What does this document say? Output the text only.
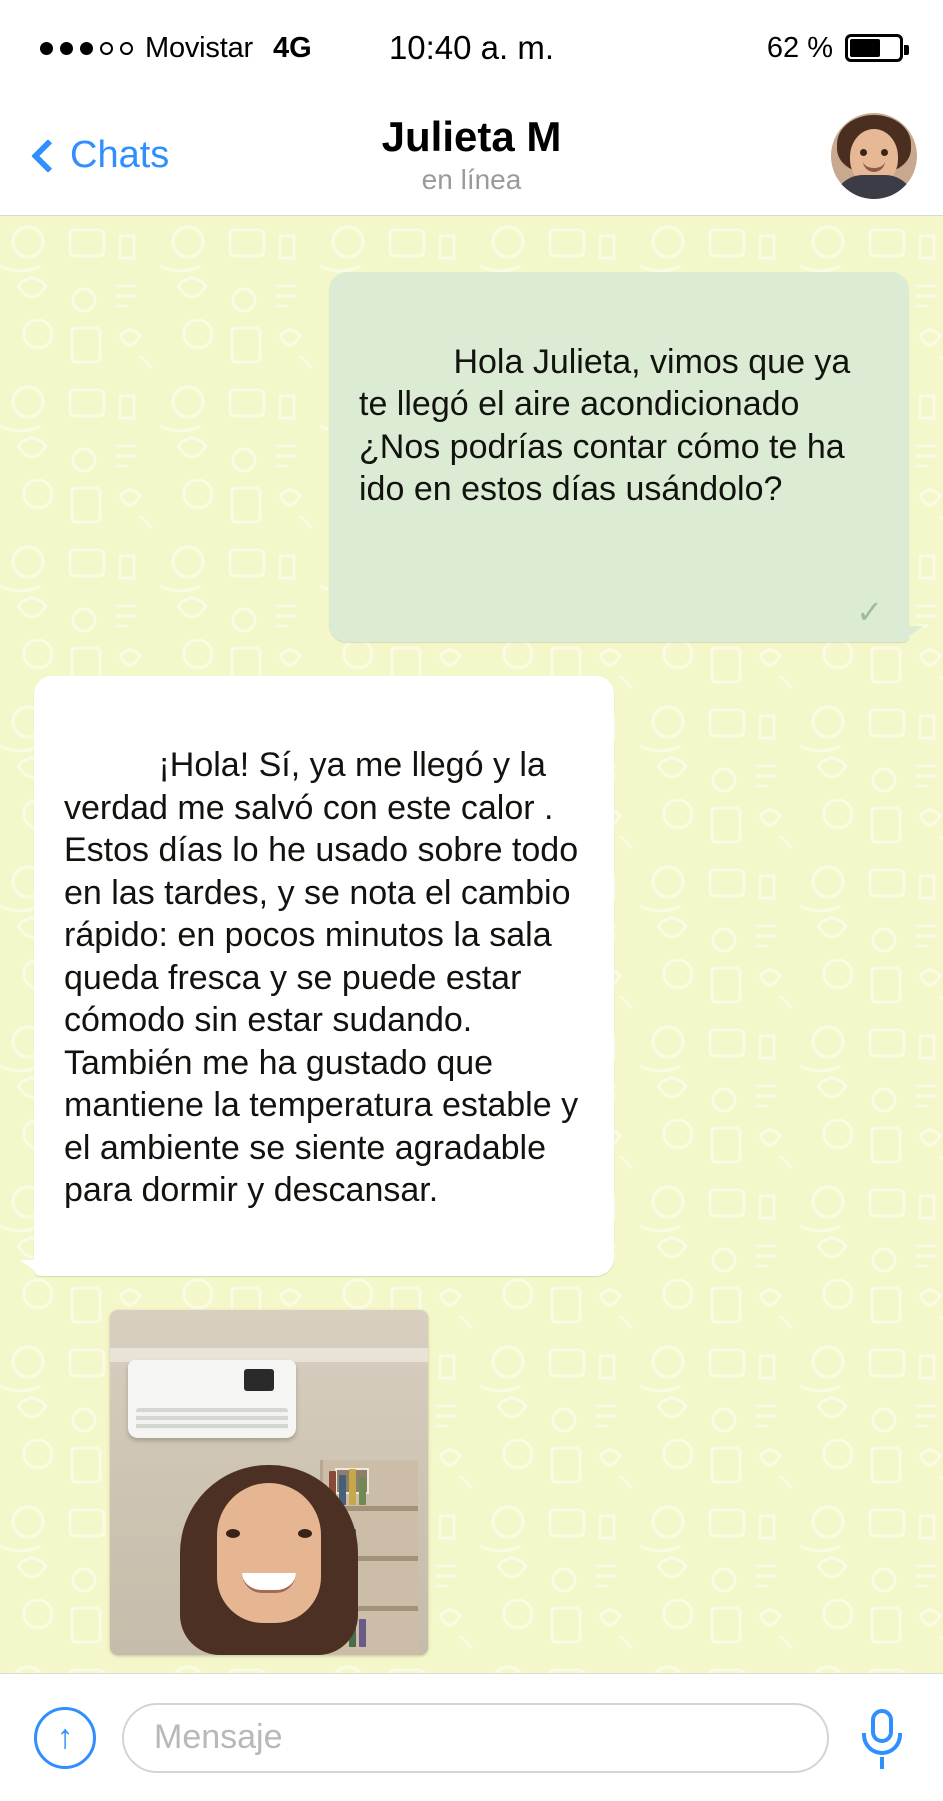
Movistar 4G	10:40 a. m.	62 %
Chats	Julieta M
en línea

Hola Julieta, vimos que ya te llegó el aire acondicionado ¿Nos podrías contar cómo te ha ido en estos días usándolo?

✓

¡Hola! Sí, ya me llegó y la verdad me salvó con este calor . Estos días lo he usado sobre todo en las tardes, y se nota el cambio rápido: en pocos minutos la sala queda fresca y se puede estar cómodo sin estar sudando. También me ha gustado que mantiene la temperatura estable y el ambiente se siente agradable para dormir y descansar.

↑ Mensaje
